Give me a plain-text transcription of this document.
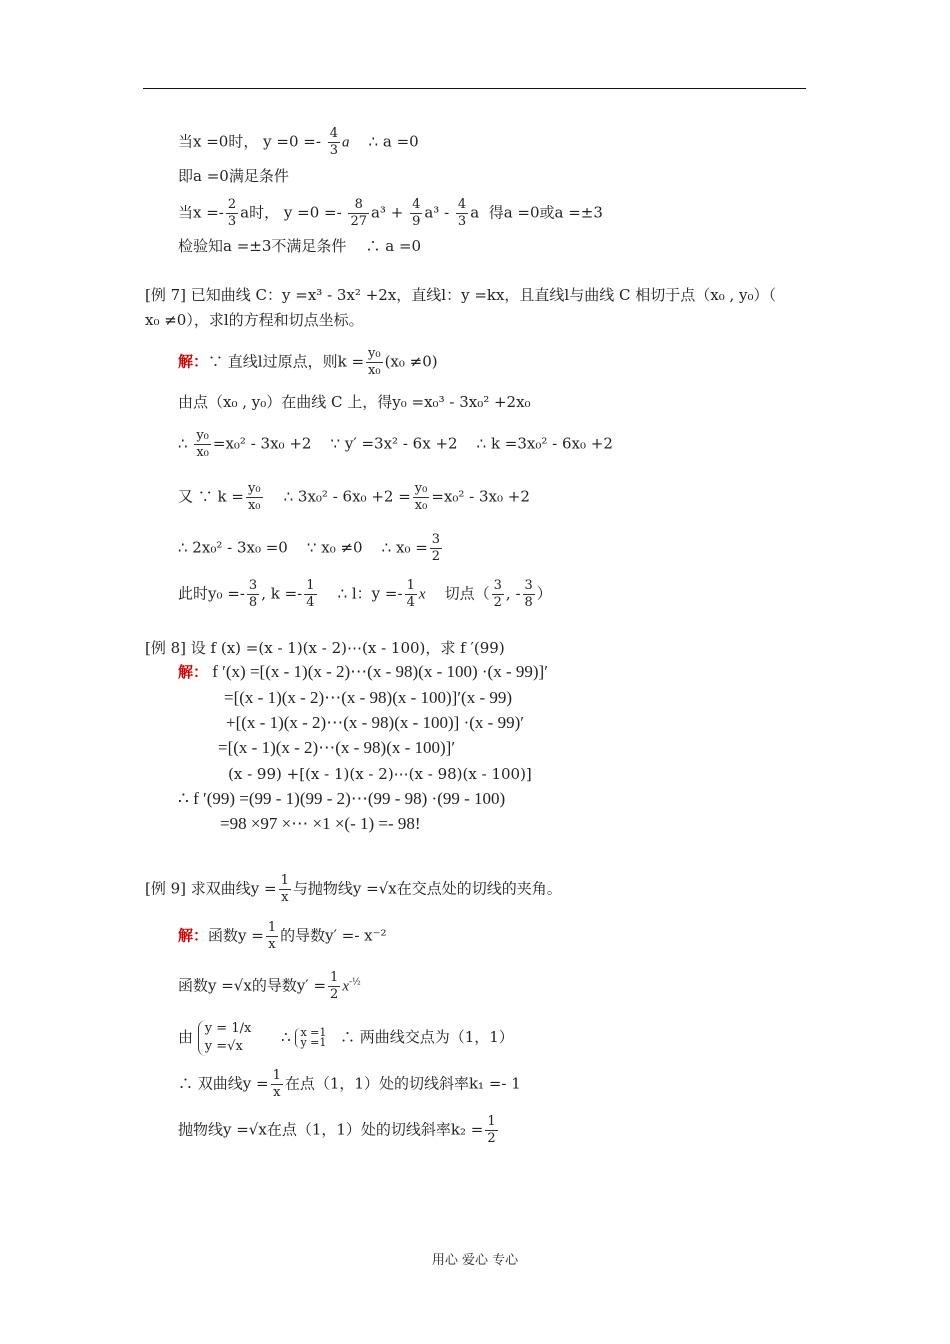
当x =0时， $y =0 =- \frac{4}{3}$ a ∴ a =0
即a =0满足条件
当$x =- \frac{2}{3}$ a时， $y =0 =- \frac{8}{27} a^3 + \frac{4}{9} a^3 - \frac{4}{3}$ a 得a =0或a =±3
检验知a =±3不满足条件 ∴ a =0
[例 7] 已知曲线 C：y =x³ - 3x² +2x，直线l：y =kx，且直线l与曲线 C 相切于点（x₀ , y₀）（
x₀ ≠0），求l的方程和切点坐标。
解：∵ 直线l过原点，则$k = \frac{\text{y₀}}{\text{x₀}} (x_0 \ne 0)$
由点（x₀ , y₀）在曲线 C 上，得y₀ =x₀³ - 3x₀² +2x₀
∴ $\frac{\text{y₀}}{\text{x₀}} =x_0^2 - 3x_0 +2$ ∵ y′ =3x² - 6x +2 ∴ k =3x₀² - 6x₀ +2
又 ∵ $k = \frac{\text{y₀}}{\text{x₀}}$ ∴ $3x_0^2 - 6x_0 +2 = \frac{\text{y₀}}{\text{x₀}} =x_0^2 - 3x_0 +2$
∴ 2x₀² - 3x₀ =0 ∵ x₀ ≠0 ∴ $x_0 = \frac{3}{2}$
此时$y_0 =- \frac{3}{8}$ , $k =- \frac{1}{4}$ ∴ l：$y =- \frac{1}{4}$ x 切点（ $\frac{3}{2}$ , - $\frac{3}{8}$ ）
[例 8] 设 f (x) =(x - 1)(x - 2)⋯(x - 100)，求 f ′(99)
解： f ′(x) =[(x - 1)(x - 2)⋯(x - 98)(x - 100) ·(x - 99)]′
=[(x - 1)(x - 2)⋯(x - 98)(x - 100)]′(x - 99)
+[(x - 1)(x - 2)⋯(x - 98)(x - 100)] ·(x - 99)′
=[(x - 1)(x - 2)⋯(x - 98)(x - 100)]′
(x - 99) +[(x - 1)(x - 2)⋯(x - 98)(x - 100)]
∴ f ′(99) =(99 - 1)(99 - 2)⋯(99 - 98) ·(99 - 100)
=98 ×97 ×⋯ ×1 ×(- 1) =- 98!
[例 9] 求双曲线$y = \frac{1}{x}$ 与抛物线y =√x在交点处的切线的夹角。
解：函数$y = \frac{1}{x}$ 的导数y′ =- x⁻²
函数y =√x的导数$y' = \frac{1}{2} x^{-\frac{1}{2}}$
由 y = 1/x
y =√x
∴ x =1
y =1 ∴ 两曲线交点为（1，1）
∴ 双曲线$y = \frac{1}{x}$ 在点（1，1）处的切线斜率k₁ =- 1
抛物线y =√x在点（1，1）处的切线斜率$k_2 = \frac{1}{2}$
用心 爱心 专心
